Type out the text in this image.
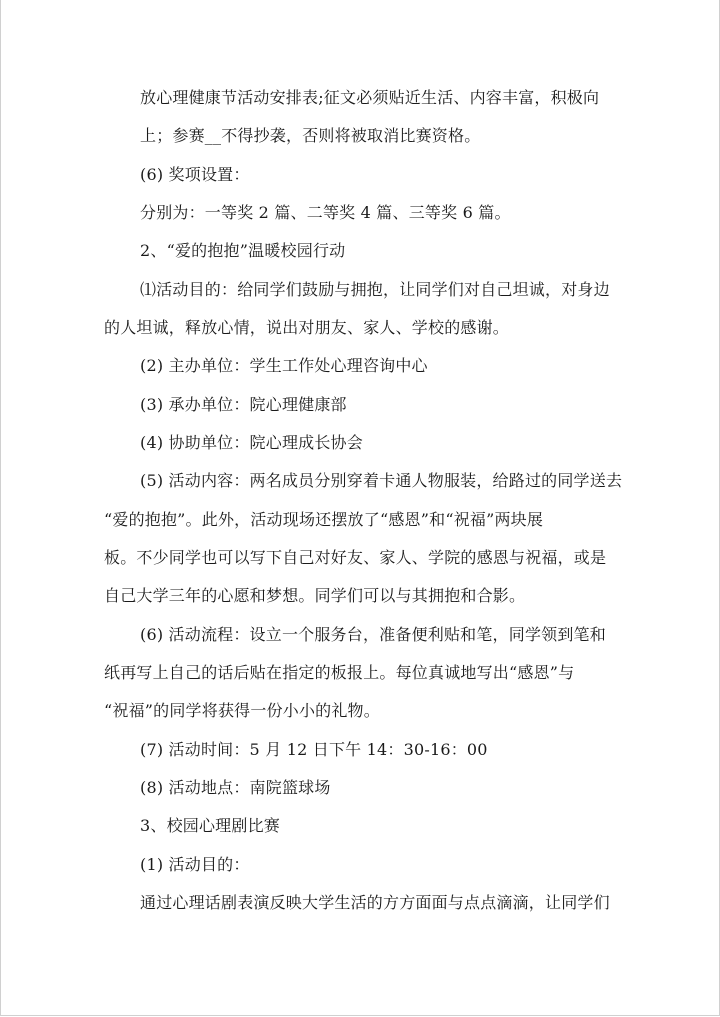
放心理健康节活动安排表;征文必须贴近生活、内容丰富，积极向
上；参赛__不得抄袭，否则将被取消比赛资格。
(6) 奖项设置：
分别为：一等奖 2 篇、二等奖 4 篇、三等奖 6 篇。
2、“爱的抱抱”温暖校园行动
⑴活动目的：给同学们鼓励与拥抱，让同学们对自己坦诚，对身边
的人坦诚，释放心情，说出对朋友、家人、学校的感谢。
(2) 主办单位：学生工作处心理咨询中心
(3) 承办单位：院心理健康部
(4) 协助单位：院心理成长协会
(5) 活动内容：两名成员分别穿着卡通人物服装，给路过的同学送去
“爱的抱抱”。此外，活动现场还摆放了“感恩”和“祝福”两块展
板。不少同学也可以写下自己对好友、家人、学院的感恩与祝福，或是
自己大学三年的心愿和梦想。同学们可以与其拥抱和合影。
(6) 活动流程：设立一个服务台，准备便利贴和笔，同学领到笔和
纸再写上自己的话后贴在指定的板报上。每位真诚地写出“感恩”与
“祝福”的同学将获得一份小小的礼物。
(7) 活动时间：5 月 12 日下午 14：30-16：00
(8) 活动地点：南院篮球场
3、校园心理剧比赛
(1) 活动目的：
通过心理话剧表演反映大学生活的方方面面与点点滴滴，让同学们
